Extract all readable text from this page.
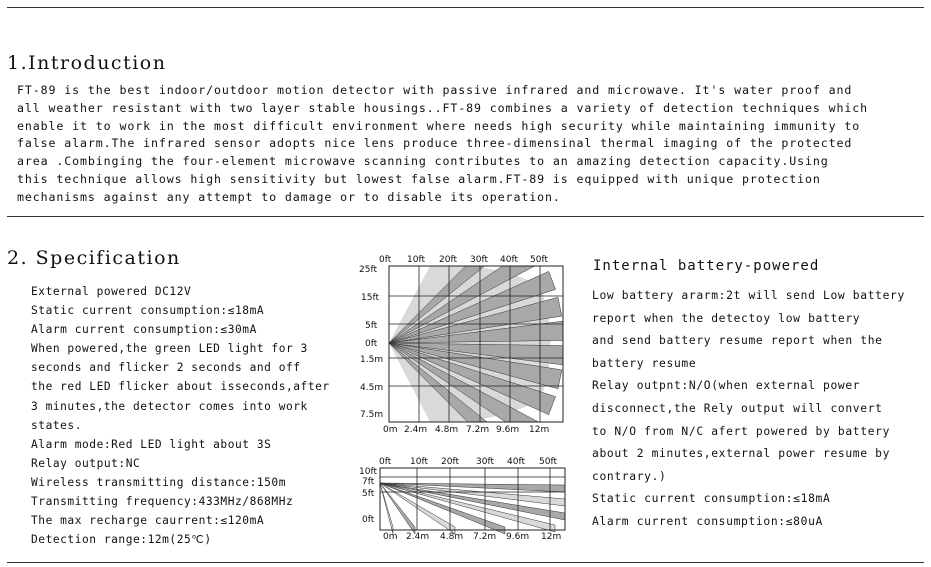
1.Introduction
FT-89 is the best indoor/outdoor motion detector with passive infrared and microwave. It's water proof and
all weather resistant with two layer stable housings..FT-89 combines a variety of detection techniques which
enable it to work in the most difficult environment where needs high security while maintaining immunity to
false alarm.The infrared sensor adopts nice lens produce three-dimensinal thermal imaging of the protected
area .Combinging the four-element microwave scanning contributes to an amazing detection capacity.Using
this technique allows high sensitivity but lowest false alarm.FT-89 is equipped with unique protection
mechanisms against any attempt to damage or to disable its operation.
2. Specification
External powered DC12V
Static current consumption:≤18mA
Alarm current consumption:≤30mA
When powered,the green LED light for 3
seconds and flicker 2 seconds and off
the red LED flicker about isseconds,after
3 minutes,the detector comes into work
states.
Alarm mode:Red LED light about 3S
Relay output:NC
Wireless transmitting distance:150m
Transmitting frequency:433MHz/868MHz
The max recharge caurrent:≤120mA
Detection range:12m(25℃)
0ft 10ft 20ft 30ft 40ft 50ft
25ft
15ft
5ft
0ft
1.5m
4.5m
7.5m
0m 2.4m 4.8m 7.2m 9.6m 12m
0ft 10ft 20ft 30ft 40ft 50ft
10ft
7ft
5ft
0ft
0m 2.4m 4.8m 7.2m 9.6m 12m
Internal battery-powered
Low battery ararm:2t will send Low battery
report when the detectoy low battery
and send battery resume report when the
battery resume
Relay outpnt:N/O(when external power
disconnect,the Rely output will convert
to N/O from N/C afert powered by battery
about 2 minutes,external power resume by
contrary.)
Static current consumption:≤18mA
Alarm current consumption:≤80uA
